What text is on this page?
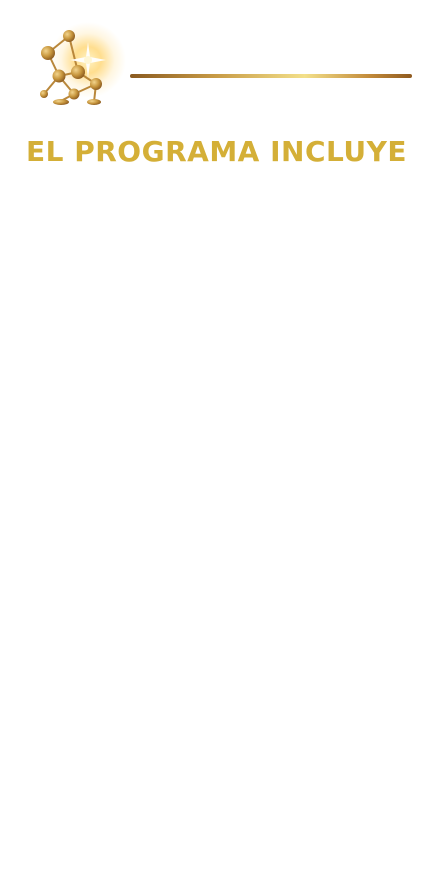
EL PROGRAMA INCLUYE
